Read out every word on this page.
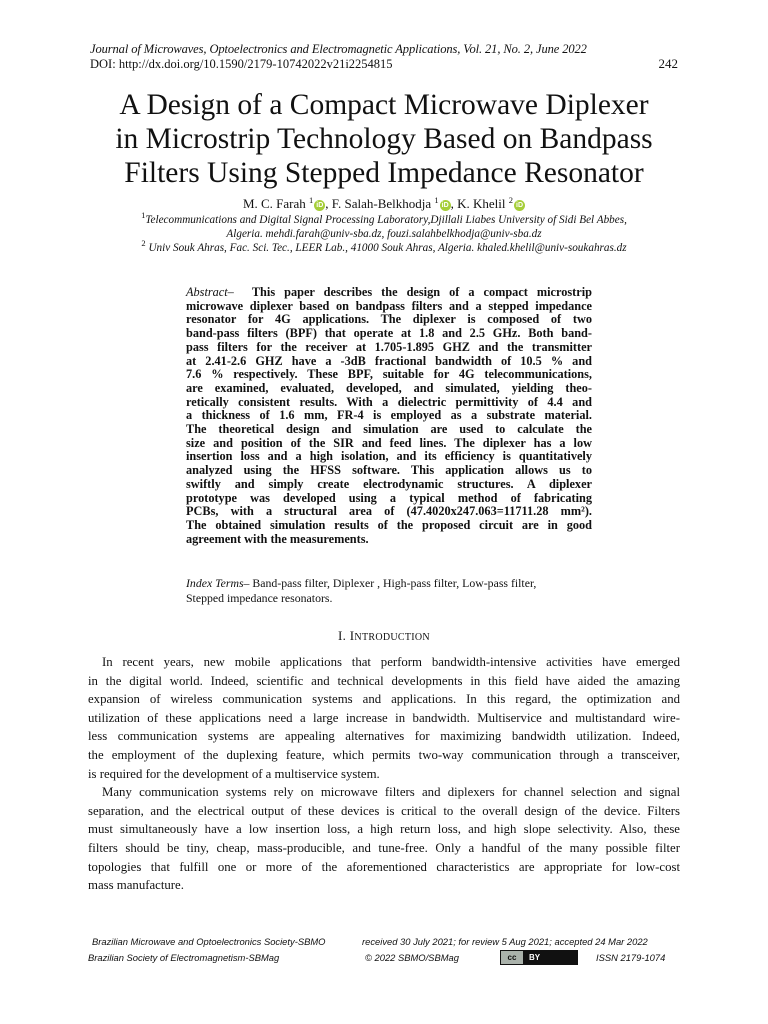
Journal of Microwaves, Optoelectronics and Electromagnetic Applications, Vol. 21, No. 2, June 2022
DOI: http://dx.doi.org/10.1590/2179-10742022v21i2254815	242
A Design of a Compact Microwave Diplexer
in Microstrip Technology Based on Bandpass
Filters Using Stepped Impedance Resonator
M. C. Farah $^1$iD , F. Salah-Belkhodja $^1$iD , K. Khelil $^2$iD
$^1$Telecommunications and Digital Signal Processing Laboratory,Djillali Liabes University of Sidi Bel Abbes,
Algeria. mehdi.farah@univ-sba.dz, fouzi.salahbelkhodja@univ-sba.dz
$^2$ Univ Souk Ahras, Fac. Sci. Tec., LEER Lab., 41000 Souk Ahras, Algeria. khaled.khelil@univ-soukahras.dz
Abstract– This paper describes the design of a compact microstrip
microwave diplexer based on bandpass filters and a stepped impedance
resonator for 4G applications. The diplexer is composed of two
band-pass filters (BPF) that operate at 1.8 and 2.5 GHz. Both band-
pass filters for the receiver at 1.705-1.895 GHZ and the transmitter
at 2.41-2.6 GHZ have a -3dB fractional bandwidth of 10.5 % and
7.6 % respectively. These BPF, suitable for 4G telecommunications,
are examined, evaluated, developed, and simulated, yielding theo-
retically consistent results. With a dielectric permittivity of 4.4 and
a thickness of 1.6 mm, FR-4 is employed as a substrate material.
The theoretical design and simulation are used to calculate the
size and position of the SIR and feed lines. The diplexer has a low
insertion loss and a high isolation, and its efficiency is quantitatively
analyzed using the HFSS software. This application allows us to
swiftly and simply create electrodynamic structures. A diplexer
prototype was developed using a typical method of fabricating
PCBs, with a structural area of (47.4020x247.063=11711.28 mm²).
The obtained simulation results of the proposed circuit are in good
agreement with the measurements.
Index Terms– Band-pass filter, Diplexer , High-pass filter, Low-pass filter,
Stepped impedance resonators.
I. INTRODUCTION
In recent years, new mobile applications that perform bandwidth-intensive activities have emerged
in the digital world. Indeed, scientific and technical developments in this field have aided the amazing
expansion of wireless communication systems and applications. In this regard, the optimization and
utilization of these applications need a large increase in bandwidth. Multiservice and multistandard wire-
less communication systems are appealing alternatives for maximizing bandwidth utilization. Indeed,
the employment of the duplexing feature, which permits two-way communication through a transceiver,
is required for the development of a multiservice system.
Many communication systems rely on microwave filters and diplexers for channel selection and signal
separation, and the electrical output of these devices is critical to the overall design of the device. Filters
must simultaneously have a low insertion loss, a high return loss, and high slope selectivity. Also, these
filters should be tiny, cheap, mass-producible, and tune-free. Only a handful of the many possible filter
topologies that fulfill one or more of the aforementioned characteristics are appropriate for low-cost
mass manufacture.
Brazilian Microwave and Optoelectronics Society-SBMO	received 30 July 2021; for review 5 Aug 2021; accepted 24 Mar 2022
Brazilian Society of Electromagnetism-SBMag	© 2022 SBMO/SBMag	cc	BY	ISSN 2179-1074
